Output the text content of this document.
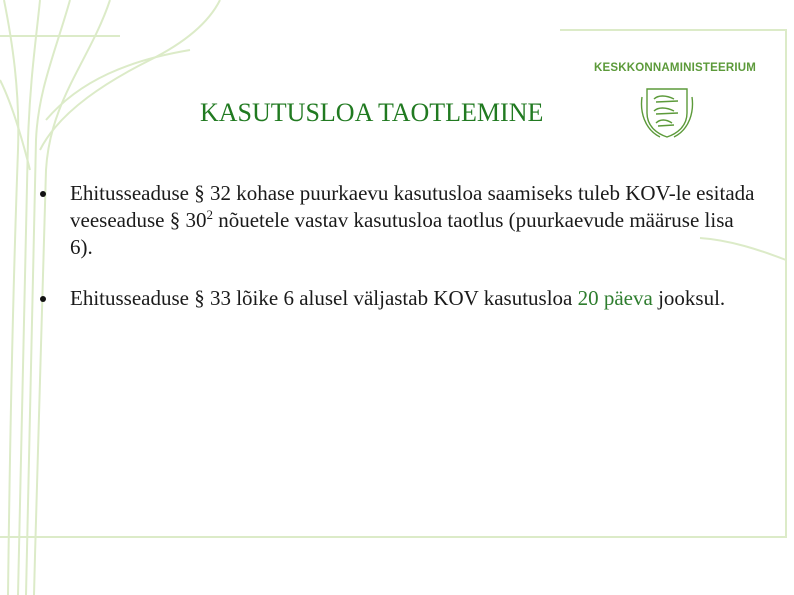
KESKKONNAMINISTEERIUM
KASUTUSLOA TAOTLEMINE
Ehitusseaduse § 32 kohase puurkaevu kasutusloa saamiseks tuleb KOV-le esitada veeseaduse § $30^2$ nõuetele vastav kasutusloa taotlus (puurkaevude määruse lisa 6).
Ehitusseaduse § 33 lõike 6 alusel väljastab KOV kasutusloa 20 päeva jooksul.
